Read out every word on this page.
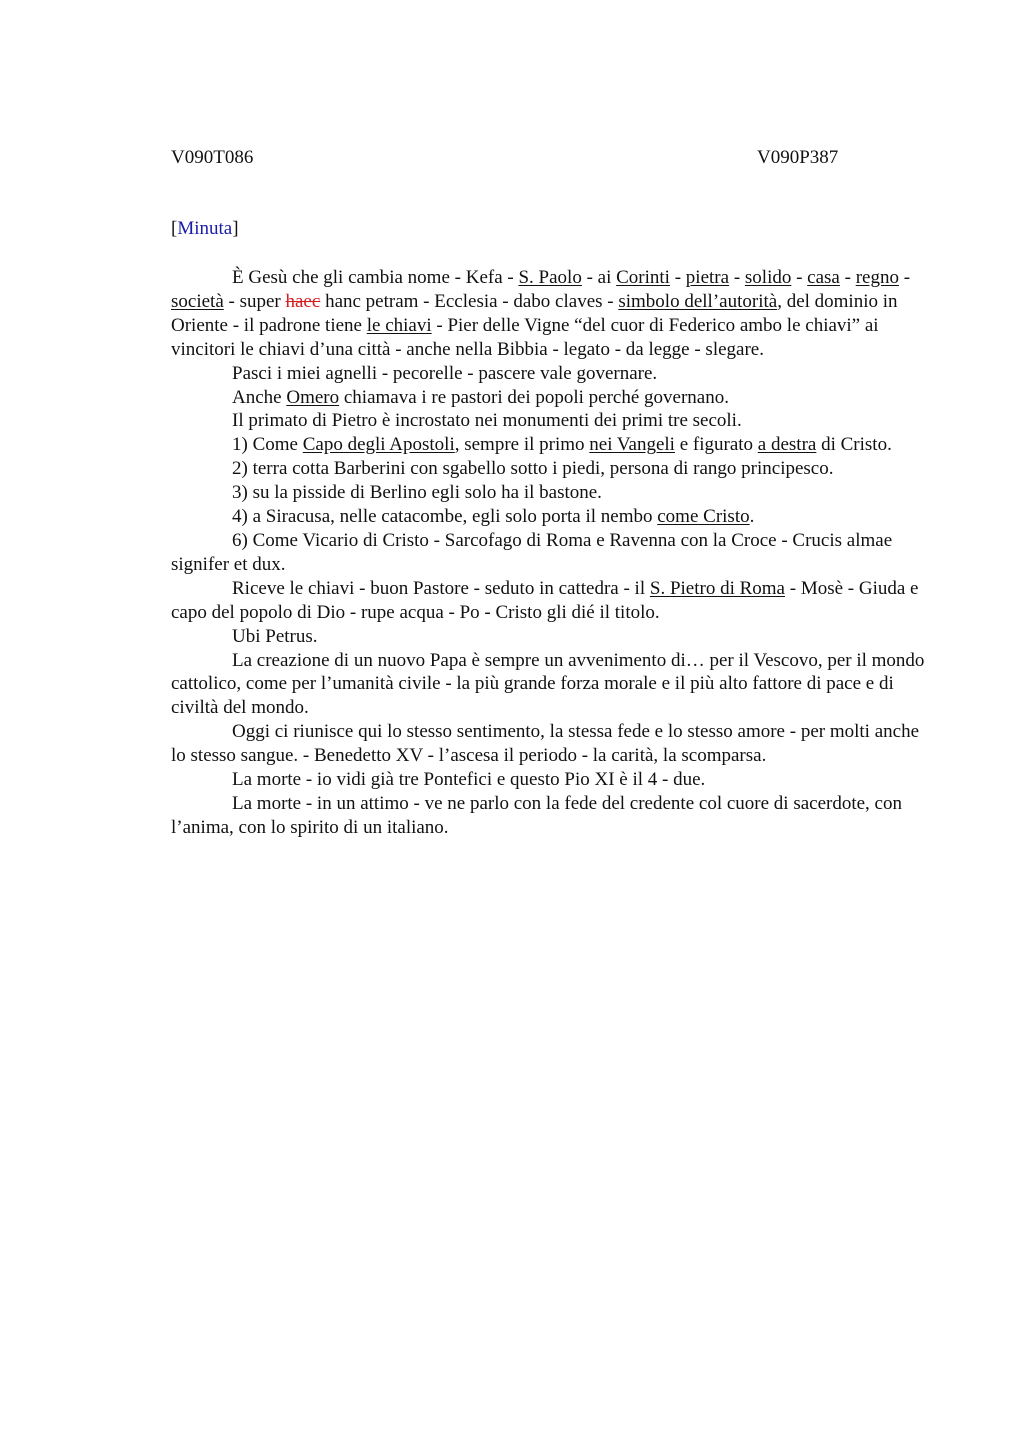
V090T086	V090P387
[Minuta]

È Gesù che gli cambia nome - Kefa - S. Paolo - ai Corinti - pietra - solido - casa - regno - società - super haec hanc petram - Ecclesia - dabo claves - simbolo dell’autorità, del dominio in Oriente - il padrone tiene le chiavi - Pier delle Vigne “del cuor di Federico ambo le chiavi” ai vincitori le chiavi d’una città - anche nella Bibbia - legato - da legge - slegare.

Pasci i miei agnelli - pecorelle - pascere vale governare.

Anche Omero chiamava i re pastori dei popoli perché governano.

Il primato di Pietro è incrostato nei monumenti dei primi tre secoli.

1) Come Capo degli Apostoli, sempre il primo nei Vangeli e figurato a destra di Cristo.

2) terra cotta Barberini con sgabello sotto i piedi, persona di rango principesco.

3) su la pisside di Berlino egli solo ha il bastone.

4) a Siracusa, nelle catacombe, egli solo porta il nembo come Cristo.

6) Come Vicario di Cristo - Sarcofago di Roma e Ravenna con la Croce - Crucis almae signifer et dux.

Riceve le chiavi - buon Pastore - seduto in cattedra - il S. Pietro di Roma - Mosè - Giuda e capo del popolo di Dio - rupe acqua - Po - Cristo gli dié il titolo.

Ubi Petrus.

La creazione di un nuovo Papa è sempre un avvenimento di… per il Vescovo, per il mondo cattolico, come per l’umanità civile - la più grande forza morale e il più alto fattore di pace e di civiltà del mondo.

Oggi ci riunisce qui lo stesso sentimento, la stessa fede e lo stesso amore - per molti anche lo stesso sangue. - Benedetto XV - l’ascesa il periodo - la carità, la scomparsa.

La morte - io vidi già tre Pontefici e questo Pio XI è il 4 - due.

La morte - in un attimo - ve ne parlo con la fede del credente col cuore di sacerdote, con l’anima, con lo spirito di un italiano.
